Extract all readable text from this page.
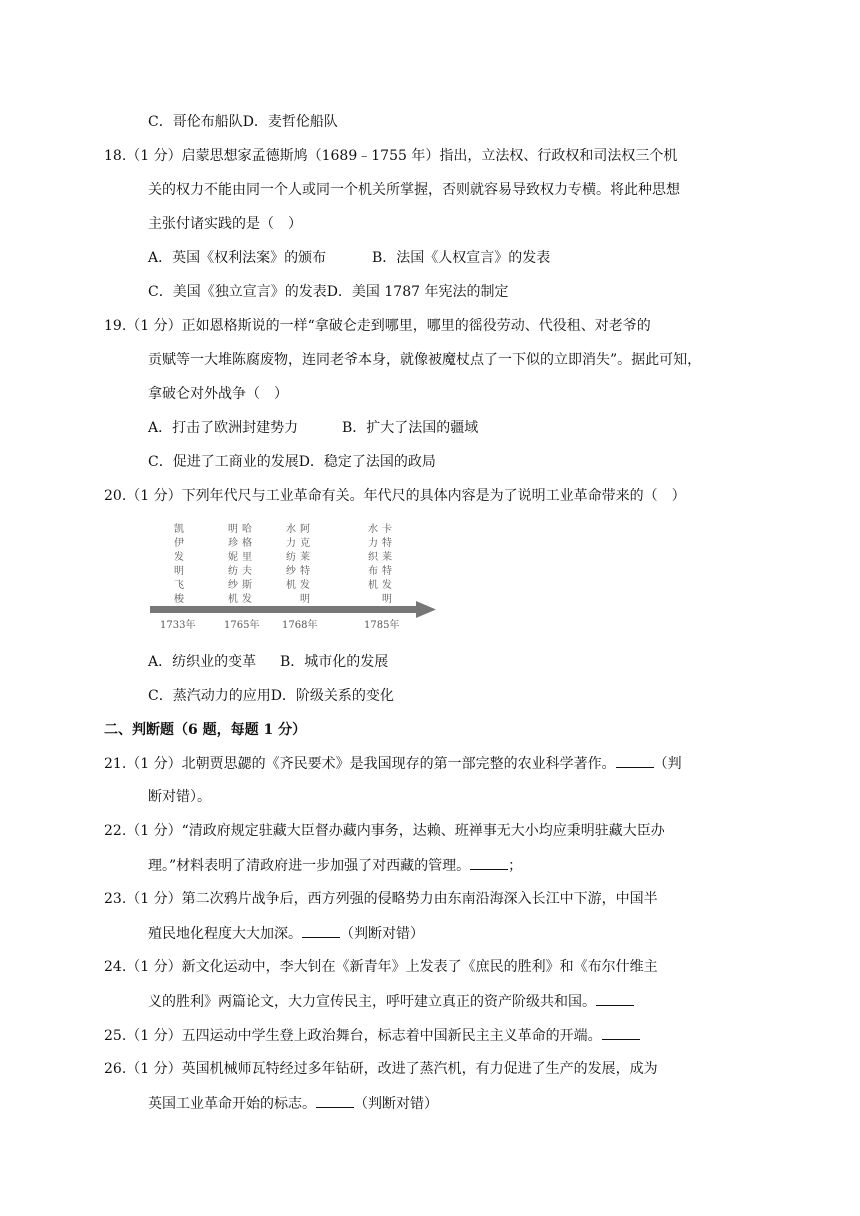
C．哥伦布船队D．麦哲伦船队
18.（1 分）启蒙思想家孟德斯鸠（1689﹣1755 年）指出，立法权、行政权和司法权三个机
关的权力不能由同一个人或同一个机关所掌握，否则就容易导致权力专横。将此种思想
主张付诸实践的是（　）
A．英国《权利法案》的颁布	B．法国《人权宣言》的发表
C．美国《独立宣言》的发表D．美国 1787 年宪法的制定
19.（1 分）正如恩格斯说的一样“拿破仑走到哪里，哪里的徭役劳动、代役租、对老爷的
贡赋等一大堆陈腐废物，连同老爷本身，就像被魔杖点了一下似的立即消失”。据此可知，
拿破仑对外战争（　）
A．打击了欧洲封建势力	B．扩大了法国的疆域
C．促进了工商业的发展D．稳定了法国的政局
20.（1 分）下列年代尺与工业革命有关。年代尺的具体内容是为了说明工业革命带来的（　）
凯
伊
发
明
飞
梭
明
珍
妮
纺
纱
机
哈
格
里
夫
斯
发
水
力
纺
纱
机
阿
克
莱
特
发
明
水
力
织
布
机
卡
特
莱
特
发
明
1733年	1765年 1768年	1785年
A．纺织业的变革 B．城市化的发展
C．蒸汽动力的应用D．阶级关系的变化
二、判断题（6 题，每题 1 分）
21.（1 分）北朝贾思勰的《齐民要术》是我国现存的第一部完整的农业科学著作。	（判
断对错）。
22.（1 分）“清政府规定驻藏大臣督办藏内事务，达赖、班禅事无大小均应秉明驻藏大臣办
理。”材料表明了清政府进一步加强了对西藏的管理。	；
23.（1 分）第二次鸦片战争后，西方列强的侵略势力由东南沿海深入长江中下游，中国半
殖民地化程度大大加深。	（判断对错）
24.（1 分）新文化运动中，李大钊在《新青年》上发表了《庶民的胜利》和《布尔什维主
义的胜利》两篇论文，大力宣传民主，呼吁建立真正的资产阶级共和国。
25.（1 分）五四运动中学生登上政治舞台，标志着中国新民主主义革命的开端。
26.（1 分）英国机械师瓦特经过多年钻研，改进了蒸汽机，有力促进了生产的发展，成为
英国工业革命开始的标志。	（判断对错）
